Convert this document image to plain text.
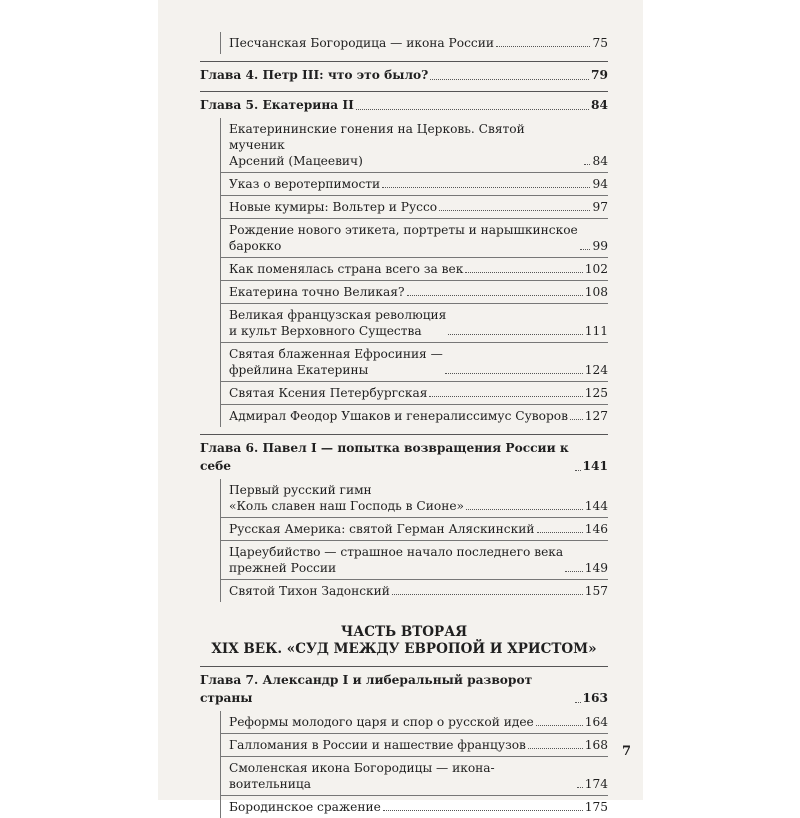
Песчанская Богородица — икона России	75
Глава 4. Петр III: что это было?	79
Глава 5. Екатерина II	84
Екатерининские гонения на Церковь. Святой мученик
Арсений (Мацеевич)	84
Указ о веротерпимости	94
Новые кумиры: Вольтер и Руссо	97
Рождение нового этикета, портреты и нарышкинское
барокко	99
Как поменялась страна всего за век	102
Екатерина точно Великая?	108
Великая французская революция
и культ Верховного Существа	111
Святая блаженная Ефросиния —
фрейлина Екатерины	124
Святая Ксения Петербургская	125
Адмирал Феодор Ушаков и генералиссимус Суворов 127
Глава 6. Павел I — попытка возвращения России к себе	141
Первый русский гимн
«Коль славен наш Господь в Сионе»	144
Русская Америка: святой Герман Аляскинский	146
Цареубийство — страшное начало последнего века
прежней России	149
Святой Тихон Задонский	157
ЧАСТЬ ВТОРАЯ
XIX ВЕК. «СУД МЕЖДУ ЕВРОПОЙ И ХРИСТОМ»
Глава 7. Александр I и либеральный разворот страны	163
Реформы молодого царя и спор о русской идее	164
Галломания в России и нашествие французов	168
Смоленская икона Богородицы — икона-воительница	174
Бородинское сражение	175
7
